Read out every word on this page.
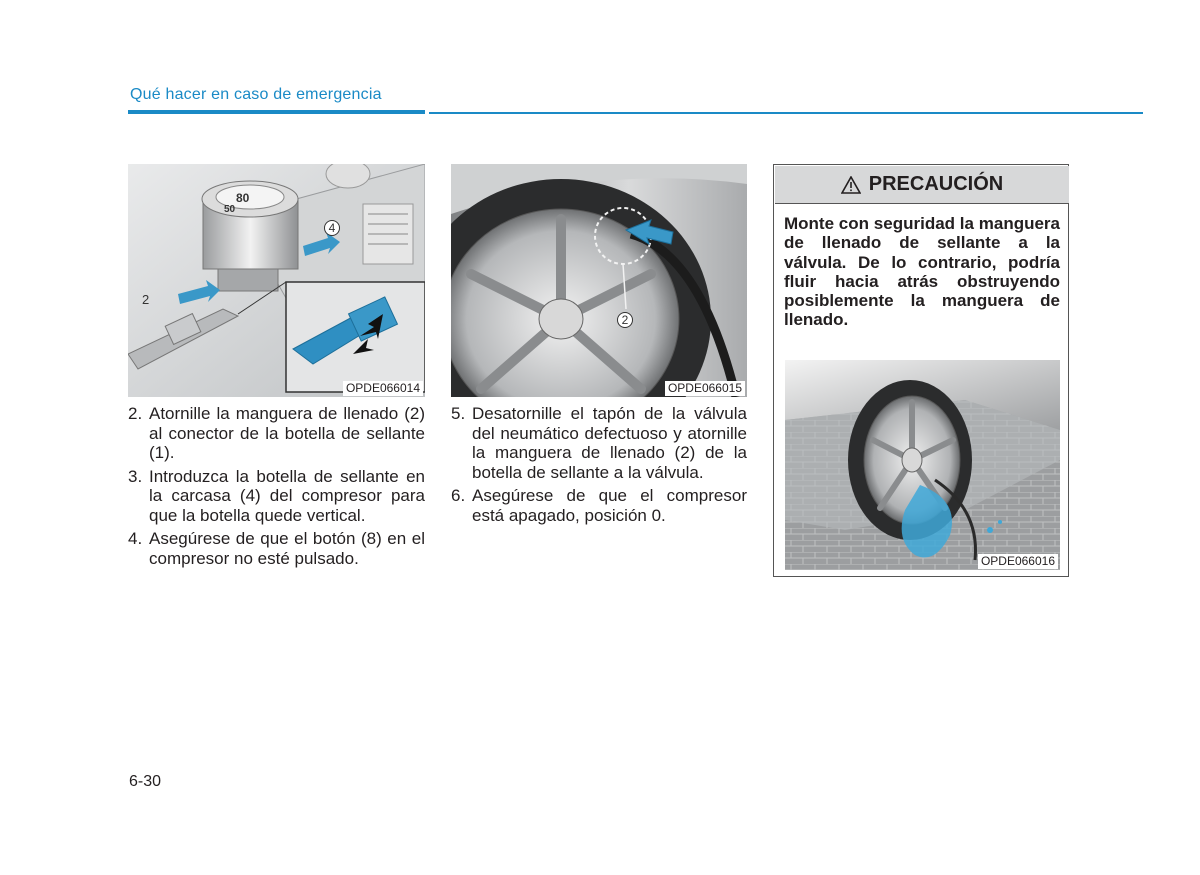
Qué hacer en caso de emergencia
80
50
2
4
OPDE066014
2
OPDE066015
2. Atornille la manguera de llenado (2) al conector de la botella de sellante (1).
3. Introduzca la botella de sellante en la carcasa (4) del compresor para que la botella quede vertical.
4. Asegúrese de que el botón (8) en el compresor no esté pulsado.
5. Desatornille el tapón de la válvula del neumático defectuoso y atornille la manguera de llenado (2) de la botella de sellante a la válvula.
6. Asegúrese de que el compresor está apagado, posición 0.
PRECAUCIÓN
Monte con seguridad la manguera de llenado de sellante a la válvula. De lo contrario, podría fluir hacia atrás obstruyendo posiblemente la manguera de llenado.
OPDE066016
6-30
